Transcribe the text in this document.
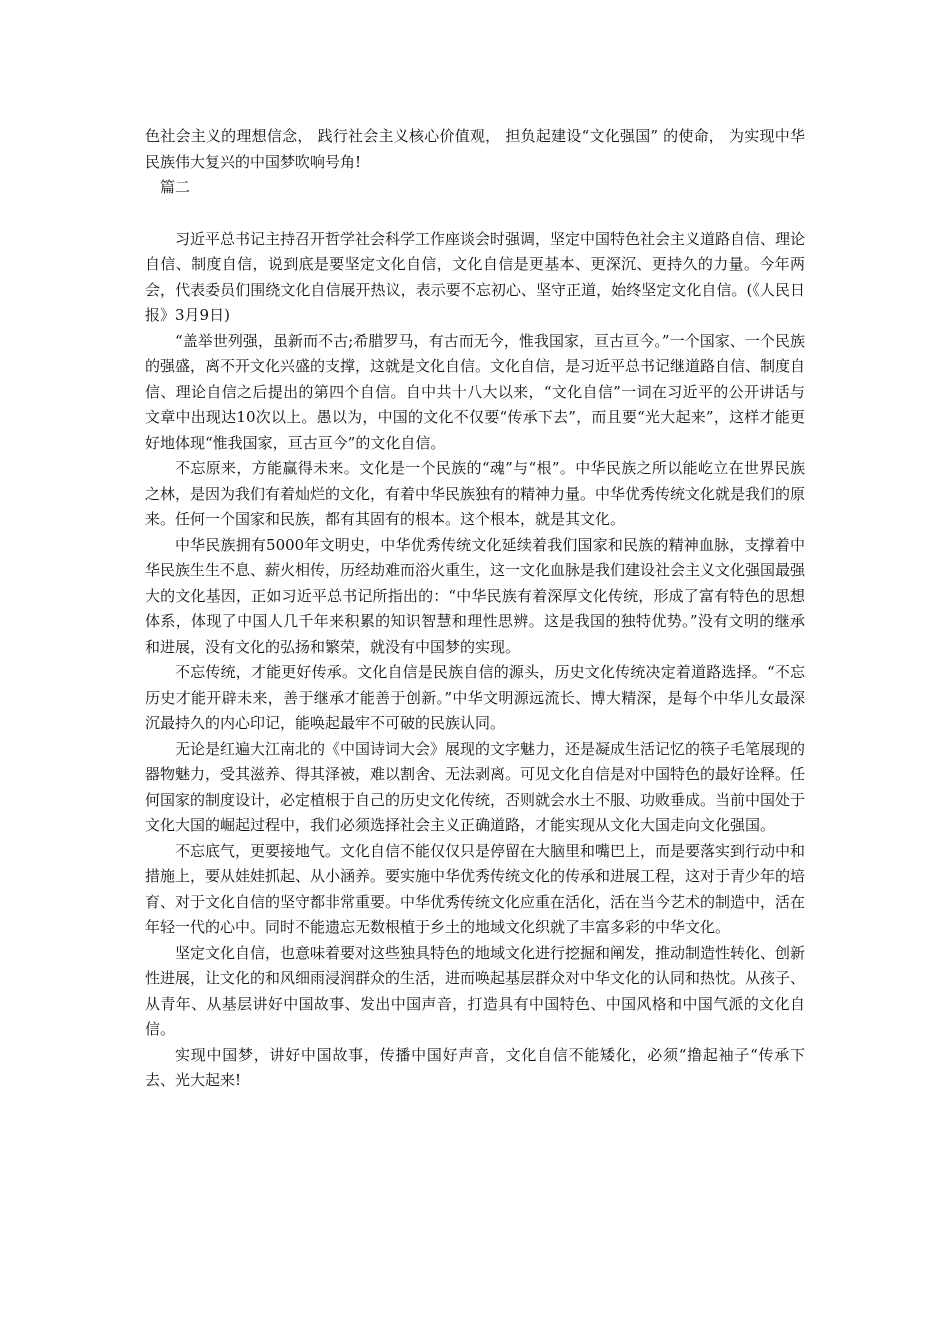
色社会主义的理想信念， 践行社会主义核心价值观， 担负起建设“文化强国” 的使命， 为实现中华民族伟大复兴的中国梦吹响号角!

篇二

习近平总书记主持召开哲学社会科学工作座谈会时强调，坚定中国特色社会主义道路自信、理论自信、制度自信，说到底是要坚定文化自信，文化自信是更基本、更深沉、更持久的力量。今年两会，代表委员们围绕文化自信展开热议，表示要不忘初心、坚守正道，始终坚定文化自信。(《人民日报》3月9日)

“盖举世列强，虽新而不古;希腊罗马，有古而无今，惟我国家，亘古亘今。”一个国家、一个民族的强盛，离不开文化兴盛的支撑，这就是文化自信。文化自信，是习近平总书记继道路自信、制度自信、理论自信之后提出的第四个自信。自中共十八大以来，“文化自信”一词在习近平的公开讲话与文章中出现达10次以上。愚以为，中国的文化不仅要“传承下去”，而且要“光大起来”，这样才能更好地体现“惟我国家，亘古亘今”的文化自信。

不忘原来，方能赢得未来。文化是一个民族的“魂”与“根”。中华民族之所以能屹立在世界民族之林，是因为我们有着灿烂的文化，有着中华民族独有的精神力量。中华优秀传统文化就是我们的原来。任何一个国家和民族，都有其固有的根本。这个根本，就是其文化。

中华民族拥有5000年文明史，中华优秀传统文化延续着我们国家和民族的精神血脉，支撑着中华民族生生不息、薪火相传，历经劫难而浴火重生，这一文化血脉是我们建设社会主义文化强国最强大的文化基因，正如习近平总书记所指出的：“中华民族有着深厚文化传统，形成了富有特色的思想体系，体现了中国人几千年来积累的知识智慧和理性思辨。这是我国的独特优势。”没有文明的继承和进展，没有文化的弘扬和繁荣，就没有中国梦的实现。

不忘传统，才能更好传承。文化自信是民族自信的源头，历史文化传统决定着道路选择。“不忘历史才能开辟未来，善于继承才能善于创新。”中华文明源远流长、博大精深，是每个中华儿女最深沉最持久的内心印记，能唤起最牢不可破的民族认同。

无论是红遍大江南北的《中国诗词大会》展现的文字魅力，还是凝成生活记忆的筷子毛笔展现的器物魅力，受其滋养、得其泽被，难以割舍、无法剥离。可见文化自信是对中国特色的最好诠释。任何国家的制度设计，必定植根于自己的历史文化传统，否则就会水土不服、功败垂成。当前中国处于文化大国的崛起过程中，我们必须选择社会主义正确道路，才能实现从文化大国走向文化强国。

不忘底气，更要接地气。文化自信不能仅仅只是停留在大脑里和嘴巴上，而是要落实到行动中和措施上，要从娃娃抓起、从小涵养。要实施中华优秀传统文化的传承和进展工程，这对于青少年的培育、对于文化自信的坚守都非常重要。中华优秀传统文化应重在活化，活在当今艺术的制造中，活在年轻一代的心中。同时不能遗忘无数根植于乡土的地域文化织就了丰富多彩的中华文化。

坚定文化自信，也意味着要对这些独具特色的地域文化进行挖掘和阐发，推动制造性转化、创新性进展，让文化的和风细雨浸润群众的生活，进而唤起基层群众对中华文化的认同和热忱。从孩子、从青年、从基层讲好中国故事、发出中国声音，打造具有中国特色、中国风格和中国气派的文化自信。

实现中国梦，讲好中国故事，传播中国好声音，文化自信不能矮化，必须“撸起袖子“传承下去、光大起来!
